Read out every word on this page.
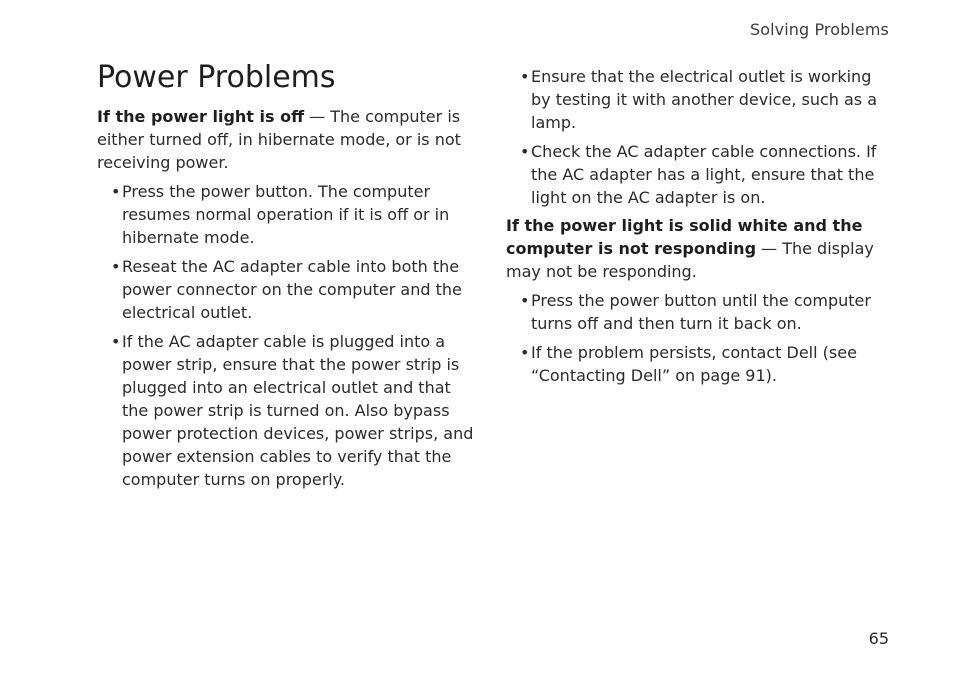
Solving Problems
Power Problems

If the power light is off — The computer is either turned off, in hibernate mode, or is not receiving power.

• Press the power button. The computer resumes normal operation if it is off or in hibernate mode.
• Reseat the AC adapter cable into both the power connector on the computer and the electrical outlet.
• If the AC adapter cable is plugged into a power strip, ensure that the power strip is plugged into an electrical outlet and that the power strip is turned on. Also bypass power protection devices, power strips, and power extension cables to verify that the computer turns on properly.
• Ensure that the electrical outlet is working by testing it with another device, such as a lamp.
• Check the AC adapter cable connections. If the AC adapter has a light, ensure that the light on the AC adapter is on.

If the power light is solid white and the computer is not responding — The display may not be responding.

• Press the power button until the computer turns off and then turn it back on.
• If the problem persists, contact Dell (see “Contacting Dell” on page 91).
65
